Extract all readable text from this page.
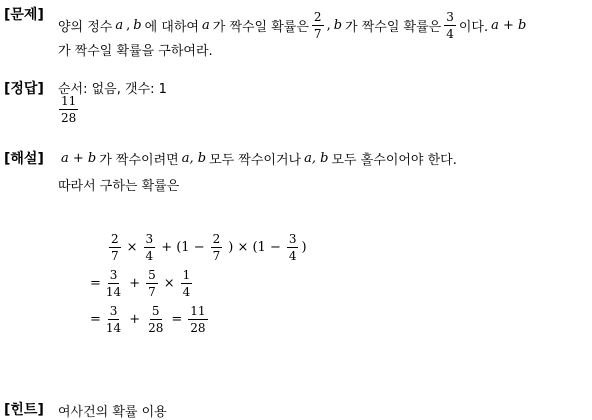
[문제]
양의 정수 a , b 에 대하여 a 가 짝수일 확률은 $\frac{2}{7}$ , b 가 짝수일 확률은 $\frac{3}{4}$ 이다. a + b
가 짝수일 확률을 구하여라.
[정답] 순서: 없음, 갯수: 1
$\frac{11}{28}$
[해설] a + b 가 짝수이려면 a, b 모두 짝수이거나 a, b 모두 홀수이어야 한다.
따라서 구하는 확률은
$\frac{2}{7} \times \frac{3}{4} + (1 - \frac{2}{7}$ ) × ($1 - \frac{3}{4}$ )
= $\frac{3}{14} + \frac{5}{7} \times \frac{1}{4}$
= $\frac{3}{14} + \frac{5}{28} = \frac{11}{28}$
[힌트] 여사건의 확률 이용
